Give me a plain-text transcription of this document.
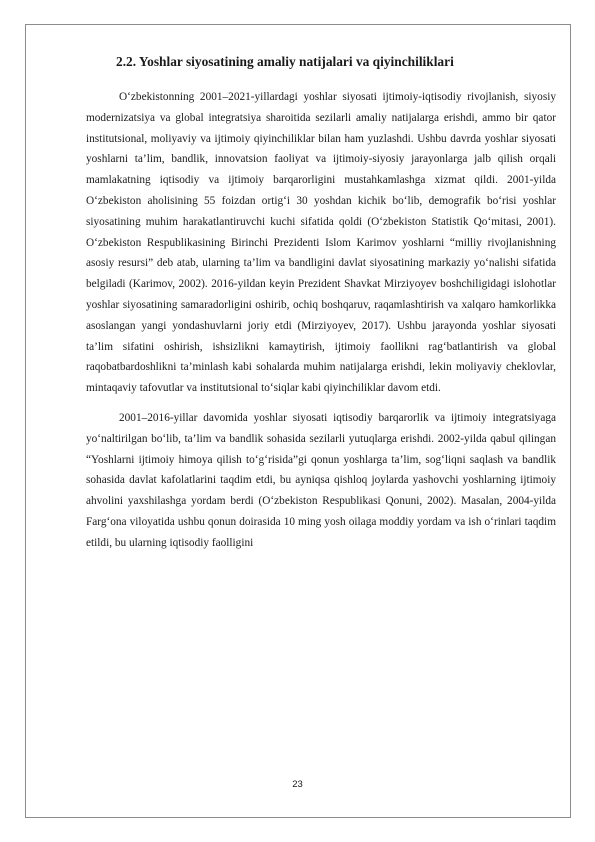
2.2. Yoshlar siyosatining amaliy natijalari va qiyinchiliklari

O‘zbekistonning 2001–2021-yillardagi yoshlar siyosati ijtimoiy-iqtisodiy rivojlanish, siyosiy modernizatsiya va global integratsiya sharoitida sezilarli amaliy natijalarga erishdi, ammo bir qator institutsional, moliyaviy va ijtimoiy qiyinchiliklar bilan ham yuzlashdi. Ushbu davrda yoshlar siyosati yoshlarni ta’lim, bandlik, innovatsion faoliyat va ijtimoiy-siyosiy jarayonlarga jalb qilish orqali mamlakatning iqtisodiy va ijtimoiy barqarorligini mustahkamlashga xizmat qildi. 2001-yilda O‘zbekiston aholisining 55 foizdan ortig‘i 30 yoshdan kichik bo‘lib, demografik bo‘risi yoshlar siyosatining muhim harakatlantiruvchi kuchi sifatida qoldi (O‘zbekiston Statistik Qo‘mitasi, 2001). O‘zbekiston Respublikasining Birinchi Prezidenti Islom Karimov yoshlarni “milliy rivojlanishning asosiy resursi” deb atab, ularning ta’lim va bandligini davlat siyosatining markaziy yo‘nalishi sifatida belgiladi (Karimov, 2002). 2016-yildan keyin Prezident Shavkat Mirziyoyev boshchiligidagi islohotlar yoshlar siyosatining samaradorligini oshirib, ochiq boshqaruv, raqamlashtirish va xalqaro hamkorlikka asoslangan yangi yondashuvlarni joriy etdi (Mirziyoyev, 2017). Ushbu jarayonda yoshlar siyosati ta’lim sifatini oshirish, ishsizlikni kamaytirish, ijtimoiy faollikni rag‘batlantirish va global raqobatbardoshlikni ta’minlash kabi sohalarda muhim natijalarga erishdi, lekin moliyaviy cheklovlar, mintaqaviy tafovutlar va institutsional to‘siqlar kabi qiyinchiliklar davom etdi.

2001–2016-yillar davomida yoshlar siyosati iqtisodiy barqarorlik va ijtimoiy integratsiyaga yo‘naltirilgan bo‘lib, ta’lim va bandlik sohasida sezilarli yutuqlarga erishdi. 2002-yilda qabul qilingan “Yoshlarni ijtimoiy himoya qilish to‘g‘risida”gi qonun yoshlarga ta’lim, sog‘liqni saqlash va bandlik sohasida davlat kafolatlarini taqdim etdi, bu ayniqsa qishloq joylarda yashovchi yoshlarning ijtimoiy ahvolini yaxshilashga yordam berdi (O‘zbekiston Respublikasi Qonuni, 2002). Masalan, 2004-yilda Farg‘ona viloyatida ushbu qonun doirasida 10 ming yosh oilaga moddiy yordam va ish o‘rinlari taqdim etildi, bu ularning iqtisodiy faolligini

23
